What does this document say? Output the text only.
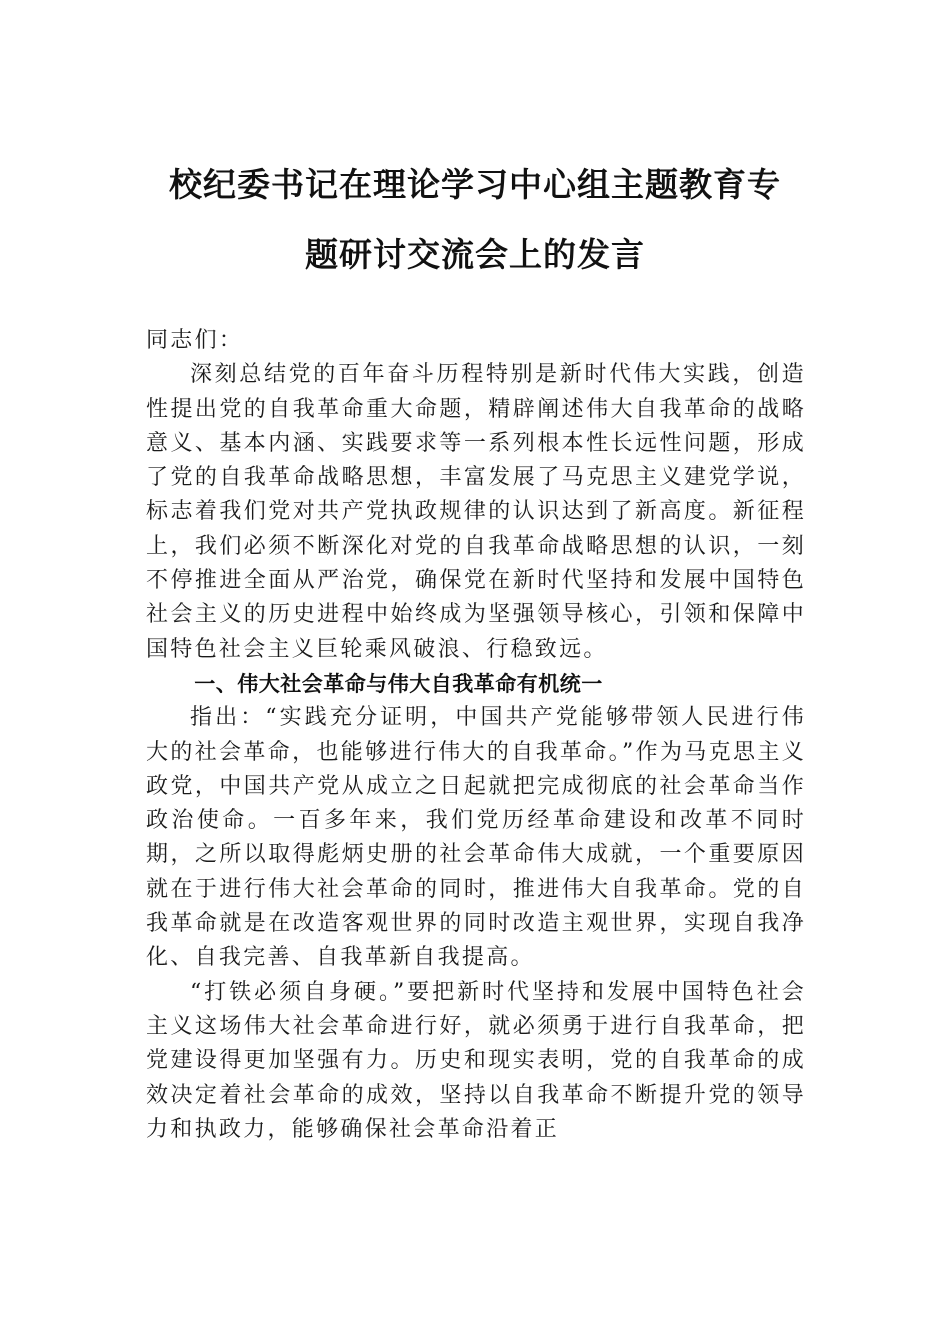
校纪委书记在理论学习中心组主题教育专
题研讨交流会上的发言

同志们：

深刻总结党的百年奋斗历程特别是新时代伟大实践，创造性提出党的自我革命重大命题，精辟阐述伟大自我革命的战略意义、基本内涵、实践要求等一系列根本性长远性问题，形成了党的自我革命战略思想，丰富发展了马克思主义建党学说，标志着我们党对共产党执政规律的认识达到了新高度。新征程上，我们必须不断深化对党的自我革命战略思想的认识，一刻不停推进全面从严治党，确保党在新时代坚持和发展中国特色社会主义的历史进程中始终成为坚强领导核心，引领和保障中国特色社会主义巨轮乘风破浪、行稳致远。

一、伟大社会革命与伟大自我革命有机统一

指出：“实践充分证明，中国共产党能够带领人民进行伟大的社会革命，也能够进行伟大的自我革命。”作为马克思主义政党，中国共产党从成立之日起就把完成彻底的社会革命当作政治使命。一百多年来，我们党历经革命建设和改革不同时期，之所以取得彪炳史册的社会革命伟大成就，一个重要原因就在于进行伟大社会革命的同时，推进伟大自我革命。党的自我革命就是在改造客观世界的同时改造主观世界，实现自我净化、自我完善、自我革新自我提高。

“打铁必须自身硬。”要把新时代坚持和发展中国特色社会主义这场伟大社会革命进行好，就必须勇于进行自我革命，把党建设得更加坚强有力。历史和现实表明，党的自我革命的成效决定着社会革命的成效，坚持以自我革命不断提升党的领导力和执政力，能够确保社会革命沿着正
